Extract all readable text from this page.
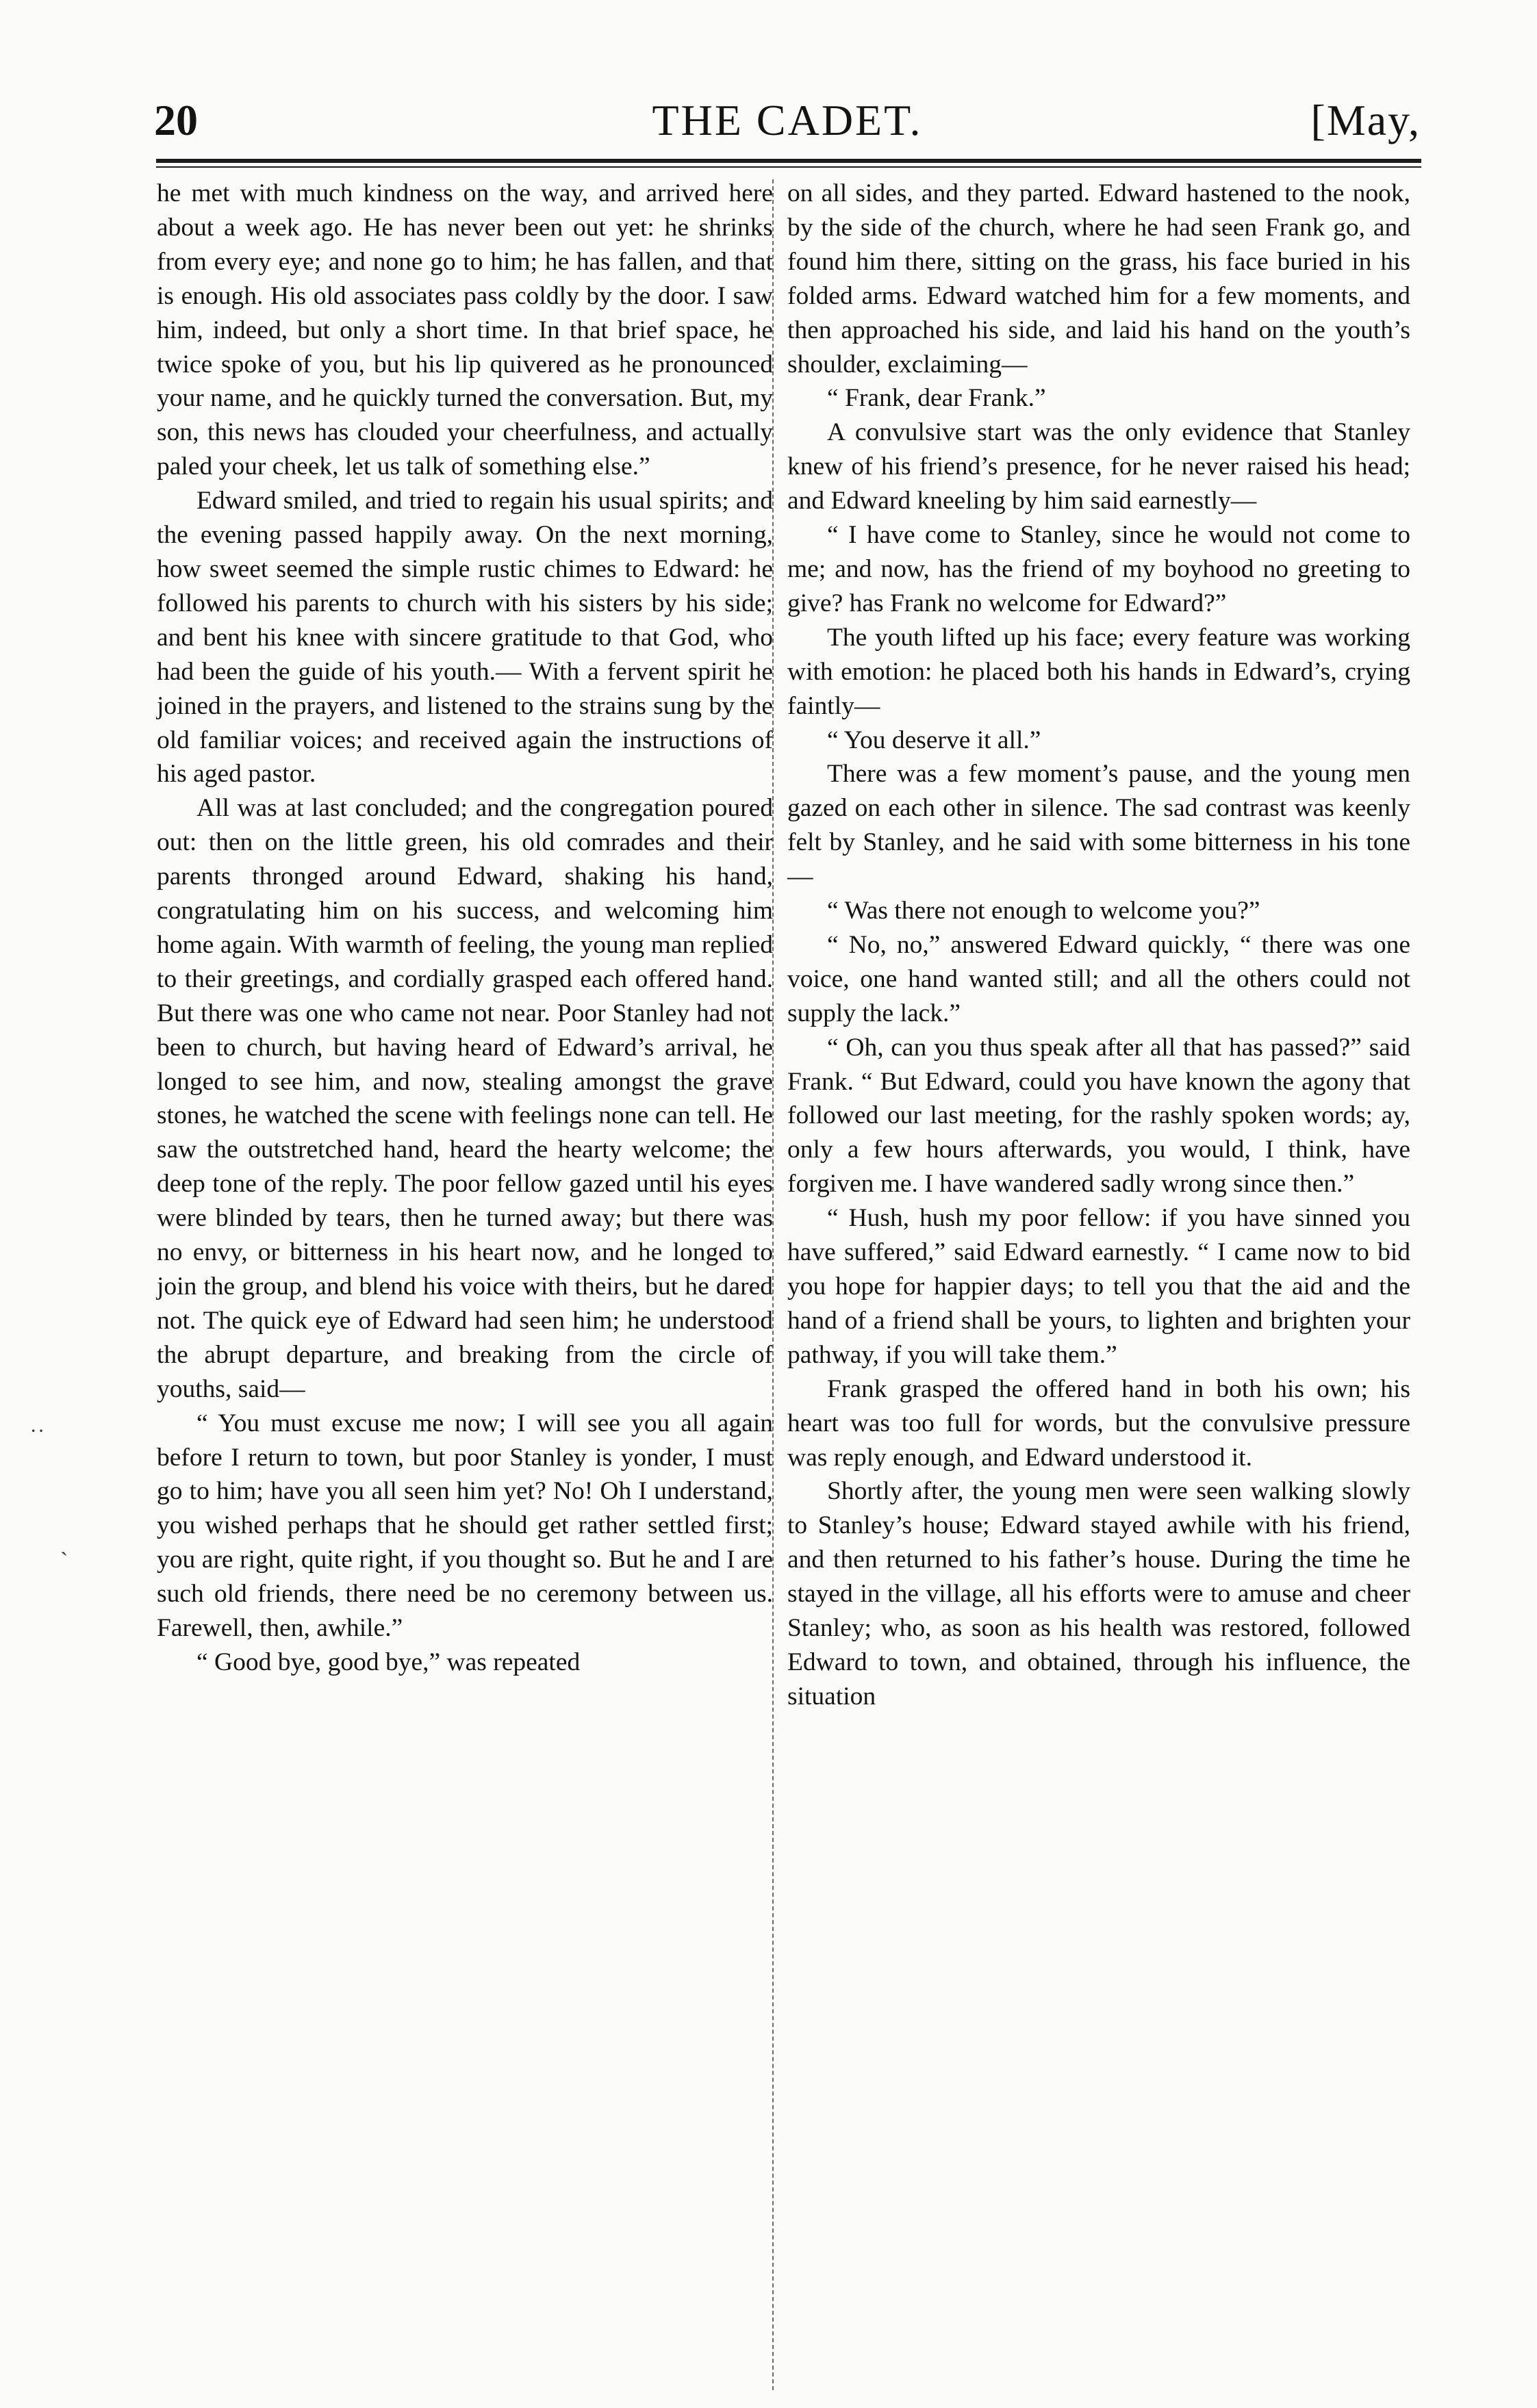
20	THE CADET.	[May,

he met with much kindness on the way, and arrived here about a week ago. He has never been out yet: he shrinks from every eye; and none go to him; he has fallen, and that is enough. His old associates pass coldly by the door. I saw him, indeed, but only a short time. In that brief space, he twice spoke of you, but his lip quivered as he pronounced your name, and he quickly turned the conversation. But, my son, this news has clouded your cheerfulness, and actually paled your cheek, let us talk of something else.”

Edward smiled, and tried to regain his usual spirits; and the evening passed happily away. On the next morning, how sweet seemed the simple rustic chimes to Edward: he followed his parents to church with his sisters by his side; and bent his knee with sincere gratitude to that God, who had been the guide of his youth.— With a fervent spirit he joined in the prayers, and listened to the strains sung by the old familiar voices; and received again the instructions of his aged pastor.

All was at last concluded; and the congregation poured out: then on the little green, his old comrades and their parents thronged around Edward, shaking his hand, congratulating him on his success, and welcoming him home again. With warmth of feeling, the young man replied to their greetings, and cordially grasped each offered hand. But there was one who came not near. Poor Stanley had not been to church, but having heard of Edward’s arrival, he longed to see him, and now, stealing amongst the grave stones, he watched the scene with feelings none can tell. He saw the outstretched hand, heard the hearty welcome; the deep tone of the reply. The poor fellow gazed until his eyes were blinded by tears, then he turned away; but there was no envy, or bitterness in his heart now, and he longed to join the group, and blend his voice with theirs, but he dared not. The quick eye of Edward had seen him; he understood the abrupt departure, and breaking from the circle of youths, said—

“ You must excuse me now; I will see you all again before I return to town, but poor Stanley is yonder, I must go to him; have you all seen him yet? No! Oh I understand, you wished perhaps that he should get rather settled first; you are right, quite right, if you thought so. But he and I are such old friends, there need be no ceremony between us. Farewell, then, awhile.”

“ Good bye, good bye,” was repeated

on all sides, and they parted. Edward hastened to the nook, by the side of the church, where he had seen Frank go, and found him there, sitting on the grass, his face buried in his folded arms. Edward watched him for a few moments, and then approached his side, and laid his hand on the youth’s shoulder, exclaiming—

“ Frank, dear Frank.”

A convulsive start was the only evidence that Stanley knew of his friend’s presence, for he never raised his head; and Edward kneeling by him said earnestly—

“ I have come to Stanley, since he would not come to me; and now, has the friend of my boyhood no greeting to give? has Frank no welcome for Edward?”

The youth lifted up his face; every feature was working with emotion: he placed both his hands in Edward’s, crying faintly—

“ You deserve it all.”

There was a few moment’s pause, and the young men gazed on each other in silence. The sad contrast was keenly felt by Stanley, and he said with some bitterness in his tone—

“ Was there not enough to welcome you?”

“ No, no,” answered Edward quickly, “ there was one voice, one hand wanted still; and all the others could not supply the lack.”

“ Oh, can you thus speak after all that has passed?” said Frank. “ But Edward, could you have known the agony that followed our last meeting, for the rashly spoken words; ay, only a few hours afterwards, you would, I think, have forgiven me. I have wandered sadly wrong since then.”

“ Hush, hush my poor fellow: if you have sinned you have suffered,” said Edward earnestly. “ I came now to bid you hope for happier days; to tell you that the aid and the hand of a friend shall be yours, to lighten and brighten your pathway, if you will take them.”

Frank grasped the offered hand in both his own; his heart was too full for words, but the convulsive pressure was reply enough, and Edward understood it.

Shortly after, the young men were seen walking slowly to Stanley’s house; Edward stayed awhile with his friend, and then returned to his father’s house. During the time he stayed in the village, all his efforts were to amuse and cheer Stanley; who, as soon as his health was restored, followed Edward to town, and obtained, through his influence, the situation

˙˙
ˏ
